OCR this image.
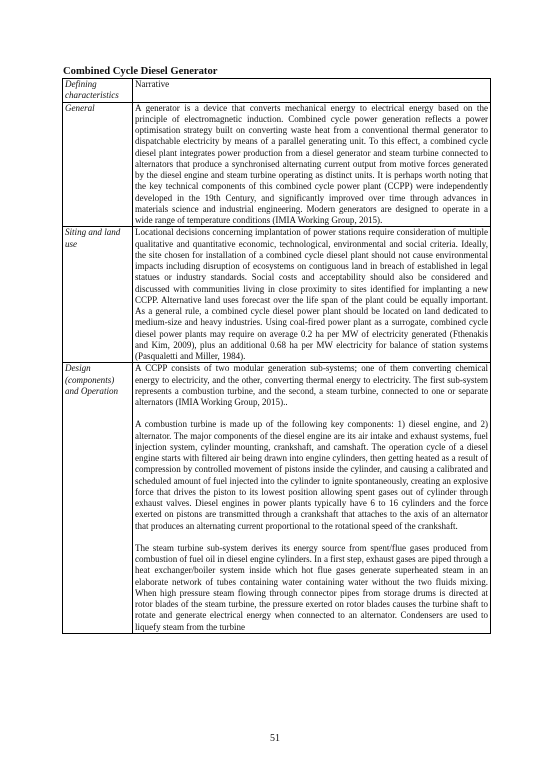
Combined Cycle Diesel Generator
Defining characteristics	Narrative
General	A generator is a device that converts mechanical energy to electrical energy based on the principle of electromagnetic induction. Combined cycle power generation reflects a power optimisation strategy built on converting waste heat from a conventional thermal generator to dispatchable electricity by means of a parallel generating unit. To this effect, a combined cycle diesel plant integrates power production from a diesel generator and steam turbine connected to alternators that produce a synchronised alternating current output from motive forces generated by the diesel engine and steam turbine operating as distinct units. It is perhaps worth noting that the key technical components of this combined cycle power plant (CCPP) were independently developed in the 19th Century, and significantly improved over time through advances in materials science and industrial engineering. Modern generators are designed to operate in a wide range of temperature conditions (IMIA Working Group, 2015).

Siting and land use	Locational decisions concerning implantation of power stations require consideration of multiple qualitative and quantitative economic, technological, environmental and social criteria. Ideally, the site chosen for installation of a combined cycle diesel plant should not cause environmental impacts including disruption of ecosystems on contiguous land in breach of established in legal statues or industry standards. Social costs and acceptability should also be considered and discussed with communities living in close proximity to sites identified for implanting a new CCPP. Alternative land uses forecast over the life span of the plant could be equally important. As a general rule, a combined cycle diesel power plant should be located on land dedicated to medium-size and heavy industries. Using coal-fired power plant as a surrogate, combined cycle diesel power plants may require on average 0.2 ha per MW of electricity generated (Fthenakis and Kim, 2009), plus an additional 0.68 ha per MW electricity for balance of station systems (Pasqualetti and Miller, 1984).

Design (components) and Operation	A CCPP consists of two modular generation sub-systems; one of them converting chemical energy to electricity, and the other, converting thermal energy to electricity. The first sub-system represents a combustion turbine, and the second, a steam turbine, connected to one or separate alternators (IMIA Working Group, 2015)..

A combustion turbine is made up of the following key components: 1) diesel engine, and 2) alternator. The major components of the diesel engine are its air intake and exhaust systems, fuel injection system, cylinder mounting, crankshaft, and camshaft. The operation cycle of a diesel engine starts with filtered air being drawn into engine cylinders, then getting heated as a result of compression by controlled movement of pistons inside the cylinder, and causing a calibrated and scheduled amount of fuel injected into the cylinder to ignite spontaneously, creating an explosive force that drives the piston to its lowest position allowing spent gases out of cylinder through exhaust valves. Diesel engines in power plants typically have 6 to 16 cylinders and the force exerted on pistons are transmitted through a crankshaft that attaches to the axis of an alternator that produces an alternating current proportional to the rotational speed of the crankshaft.

The steam turbine sub-system derives its energy source from spent/flue gases produced from combustion of fuel oil in diesel engine cylinders. In a first step, exhaust gases are piped through a heat exchanger/boiler system inside which hot flue gases generate superheated steam in an elaborate network of tubes containing water containing water without the two fluids mixing. When high pressure steam flowing through connector pipes from storage drums is directed at rotor blades of the steam turbine, the pressure exerted on rotor blades causes the turbine shaft to rotate and generate electrical energy when connected to an alternator. Condensers are used to liquefy steam from the turbine

51
